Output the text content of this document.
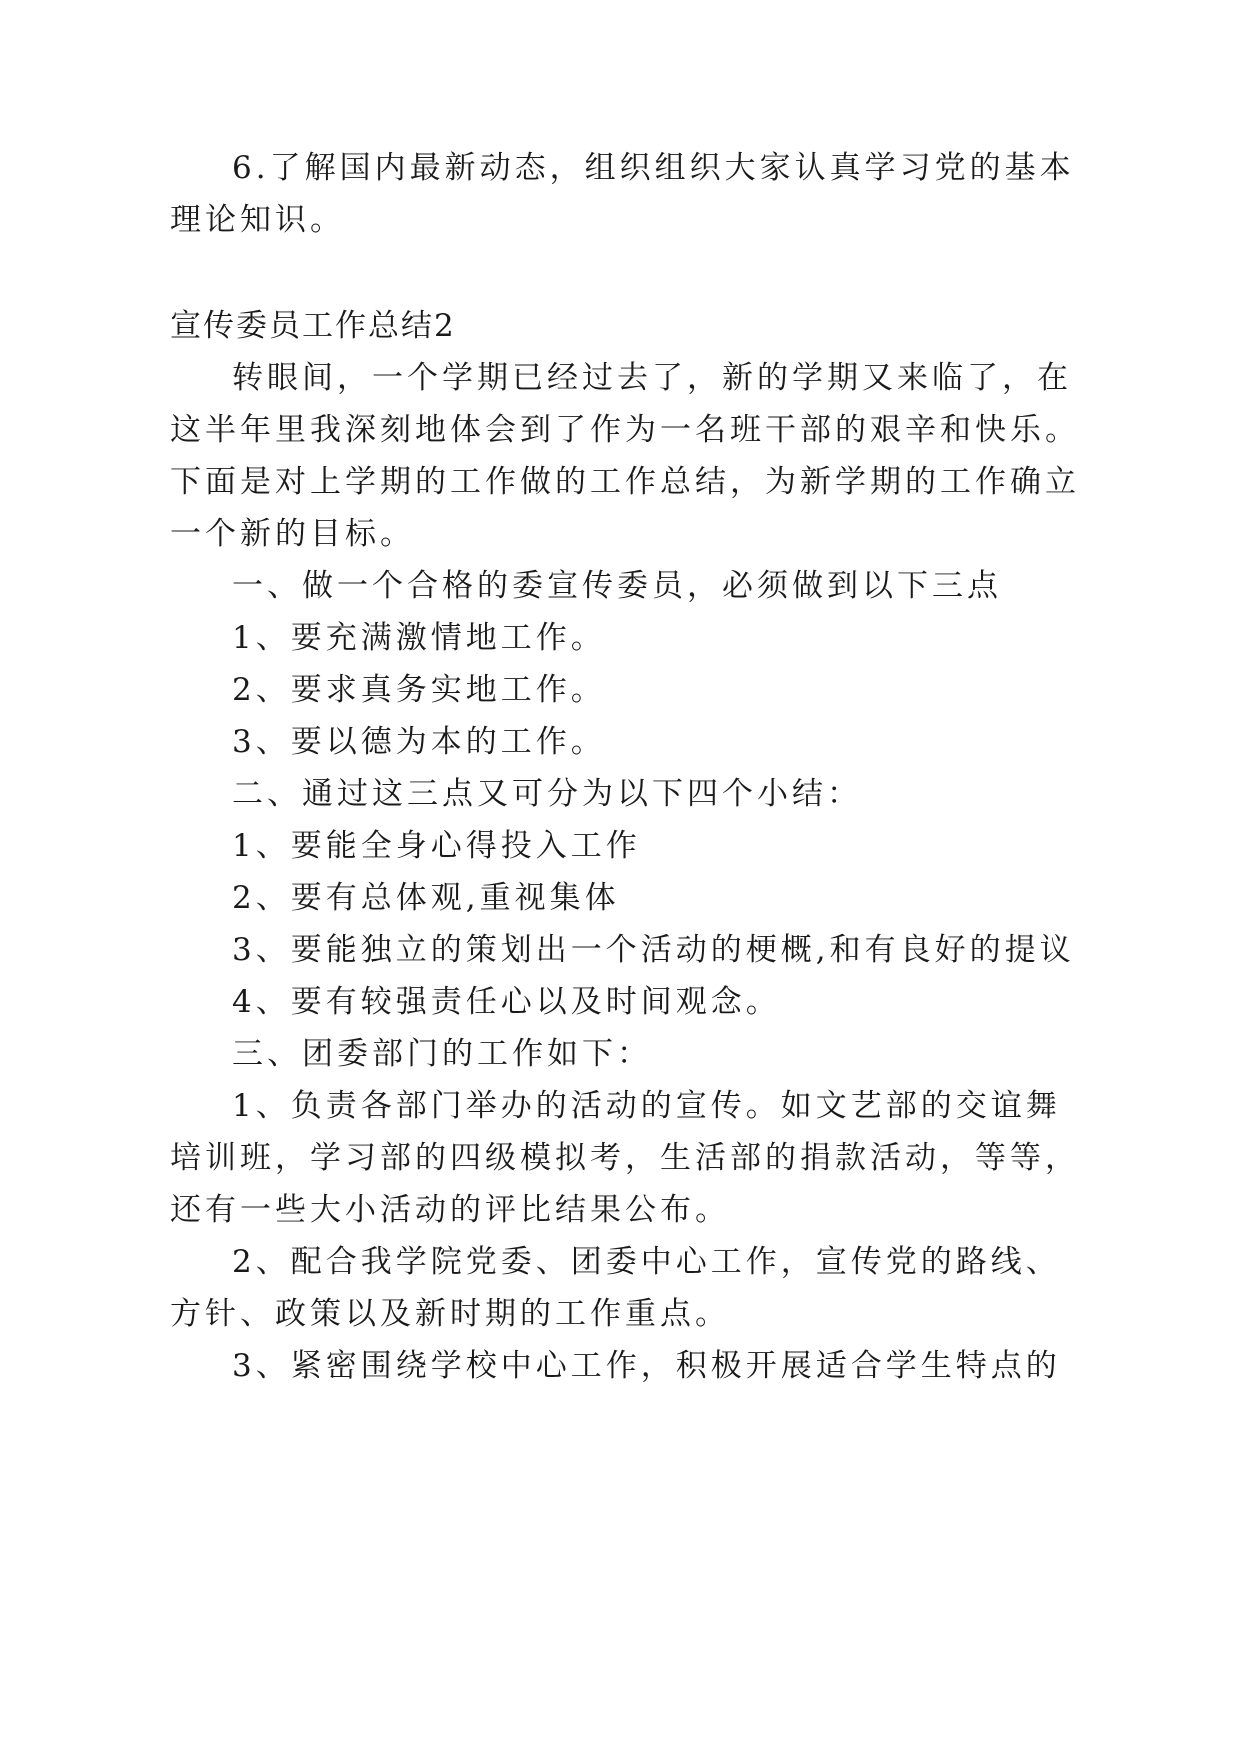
6.了解国内最新动态，组织组织大家认真学习党的基本
理论知识。
宣传委员工作总结2
转眼间，一个学期已经过去了，新的学期又来临了，在
这半年里我深刻地体会到了作为一名班干部的艰辛和快乐。
下面是对上学期的工作做的工作总结，为新学期的工作确立
一个新的目标。
一、做一个合格的委宣传委员，必须做到以下三点
1、要充满激情地工作。
2、要求真务实地工作。
3、要以德为本的工作。
二、通过这三点又可分为以下四个小结：
1、要能全身心得投入工作
2、要有总体观,重视集体
3、要能独立的策划出一个活动的梗概,和有良好的提议
4、要有较强责任心以及时间观念。
三、团委部门的工作如下：
1、负责各部门举办的活动的宣传。如文艺部的交谊舞
培训班，学习部的四级模拟考，生活部的捐款活动，等等，
还有一些大小活动的评比结果公布。
2、配合我学院党委、团委中心工作，宣传党的路线、
方针、政策以及新时期的工作重点。
3、紧密围绕学校中心工作，积极开展适合学生特点的
